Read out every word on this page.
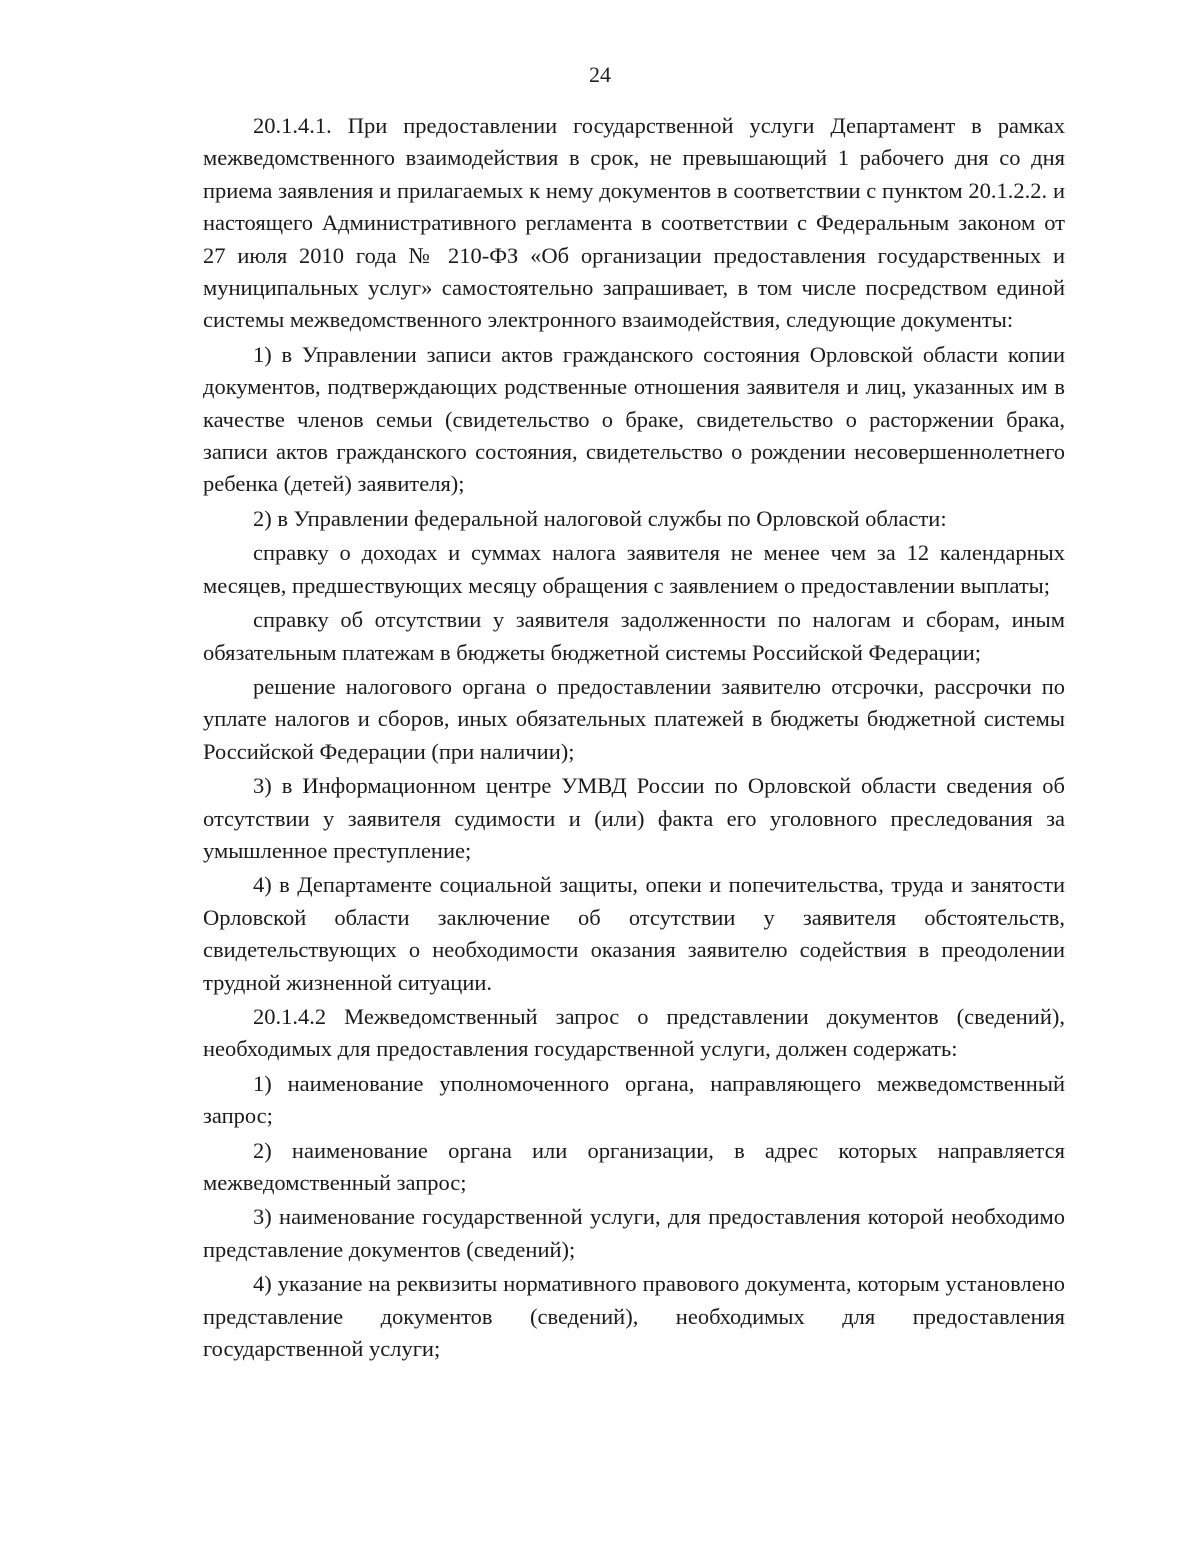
24

20.1.4.1. При предоставлении государственной услуги Департамент в рамках межведомственного взаимодействия в срок, не превышающий 1 рабочего дня со дня приема заявления и прилагаемых к нему документов в соответствии с пунктом 20.1.2.2. и настоящего Административного регламента в соответствии с Федеральным законом от 27 июля 2010 года № 210-ФЗ «Об организации предоставления государственных и муниципальных услуг» самостоятельно запрашивает, в том числе посредством единой системы межведомственного электронного взаимодействия, следующие документы:

1) в Управлении записи актов гражданского состояния Орловской области копии документов, подтверждающих родственные отношения заявителя и лиц, указанных им в качестве членов семьи (свидетельство о браке, свидетельство о расторжении брака, записи актов гражданского состояния, свидетельство о рождении несовершеннолетнего ребенка (детей) заявителя);

2) в Управлении федеральной налоговой службы по Орловской области:

справку о доходах и суммах налога заявителя не менее чем за 12 календарных месяцев, предшествующих месяцу обращения с заявлением о предоставлении выплаты;

справку об отсутствии у заявителя задолженности по налогам и сборам, иным обязательным платежам в бюджеты бюджетной системы Российской Федерации;

решение налогового органа о предоставлении заявителю отсрочки, рассрочки по уплате налогов и сборов, иных обязательных платежей в бюджеты бюджетной системы Российской Федерации (при наличии);

3) в Информационном центре УМВД России по Орловской области сведения об отсутствии у заявителя судимости и (или) факта его уголовного преследования за умышленное преступление;

4) в Департаменте социальной защиты, опеки и попечительства, труда и занятости Орловской области заключение об отсутствии у заявителя обстоятельств, свидетельствующих о необходимости оказания заявителю содействия в преодолении трудной жизненной ситуации.

20.1.4.2 Межведомственный запрос о представлении документов (сведений), необходимых для предоставления государственной услуги, должен содержать:

1) наименование уполномоченного органа, направляющего межведомственный запрос;

2) наименование органа или организации, в адрес которых направляется межведомственный запрос;

3) наименование государственной услуги, для предоставления которой необходимо представление документов (сведений);

4) указание на реквизиты нормативного правового документа, которым установлено представление документов (сведений), необходимых для предоставления государственной услуги;
